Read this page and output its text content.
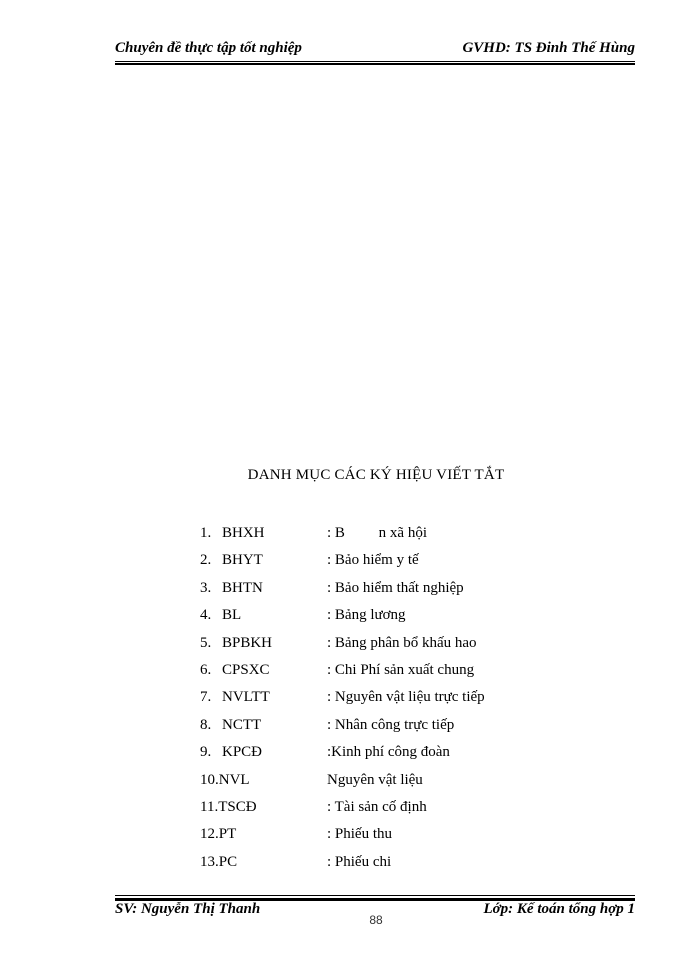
Chuyên đề thực tập tốt nghiệp	GVHD: TS Đinh Thế Hùng
DANH MỤC CÁC KÝ HIỆU VIẾT TẮT
1. BHXH	: B         n xã hội
2. BHYT	: Bảo hiểm y tế
3. BHTN	: Bảo hiểm thất nghiệp
4. BL	: Bảng lương
5. BPBKH	: Bảng phân bổ khấu hao
6. CPSXC	: Chi Phí sản xuất chung
7. NVLTT	: Nguyên vật liệu trực tiếp
8. NCTT	: Nhân công trực tiếp
9. KPCĐ	:Kinh phí công đoàn
10.NVL	Nguyên vật liệu
11.TSCĐ	: Tài sản cố định
12.PT	: Phiếu thu
13.PC	: Phiếu chi
SV: Nguyễn Thị Thanh	Lớp: Kế toán tổng hợp 1
88
